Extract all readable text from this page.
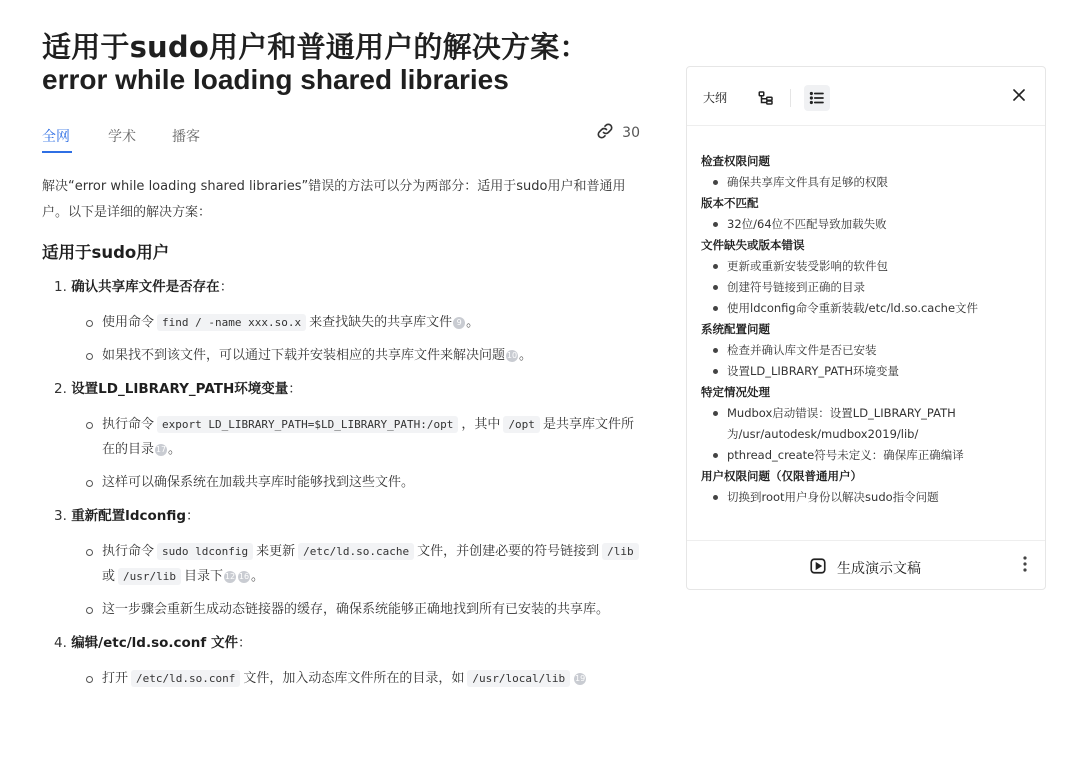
适用于sudo用户和普通用户的解决方案：
error while loading shared libraries
全网	学术	播客	30
解决“error while loading shared libraries”错误的方法可以分为两部分：适用于sudo用户和普通用户。以下是详细的解决方案：
适用于sudo用户
1. 确认共享库文件是否存在：
使用命令 find / -name xxx.so.x 来查找缺失的共享库文件 9 。
如果找不到该文件，可以通过下载并安装相应的共享库文件来解决问题 10 。
2. 设置LD_LIBRARY_PATH环境变量：
执行命令 export LD_LIBRARY_PATH=$LD_LIBRARY_PATH:/opt ，其中 /opt 是共享库文件所在的目录 17 。
这样可以确保系统在加载共享库时能够找到这些文件。
3. 重新配置ldconfig：
执行命令 sudo ldconfig 来更新 /etc/ld.so.cache 文件，并创建必要的符号链接到 /lib或 /usr/lib 目录下 12 16 。
这一步骤会重新生成动态链接器的缓存，确保系统能够正确地找到所有已安装的共享库。
4. 编辑/etc/ld.so.conf 文件：
打开 /etc/ld.so.conf 文件，加入动态库文件所在的目录，如 /usr/local/lib 19
大纲
检查权限问题
确保共享库文件具有足够的权限
版本不匹配
32位/64位不匹配导致加载失败
文件缺失或版本错误
更新或重新安装受影响的软件包
创建符号链接到正确的目录
使用ldconfig命令重新装载/etc/ld.so.cache文件
系统配置问题
检查并确认库文件是否已安装
设置LD_LIBRARY_PATH环境变量
特定情况处理
Mudbox启动错误：设置LD_LIBRARY_PATH为/usr/autodesk/mudbox2019/lib/
pthread_create符号未定义：确保库正确编译
用户权限问题（仅限普通用户）
切换到root用户身份以解决sudo指令问题
生成演示文稿
